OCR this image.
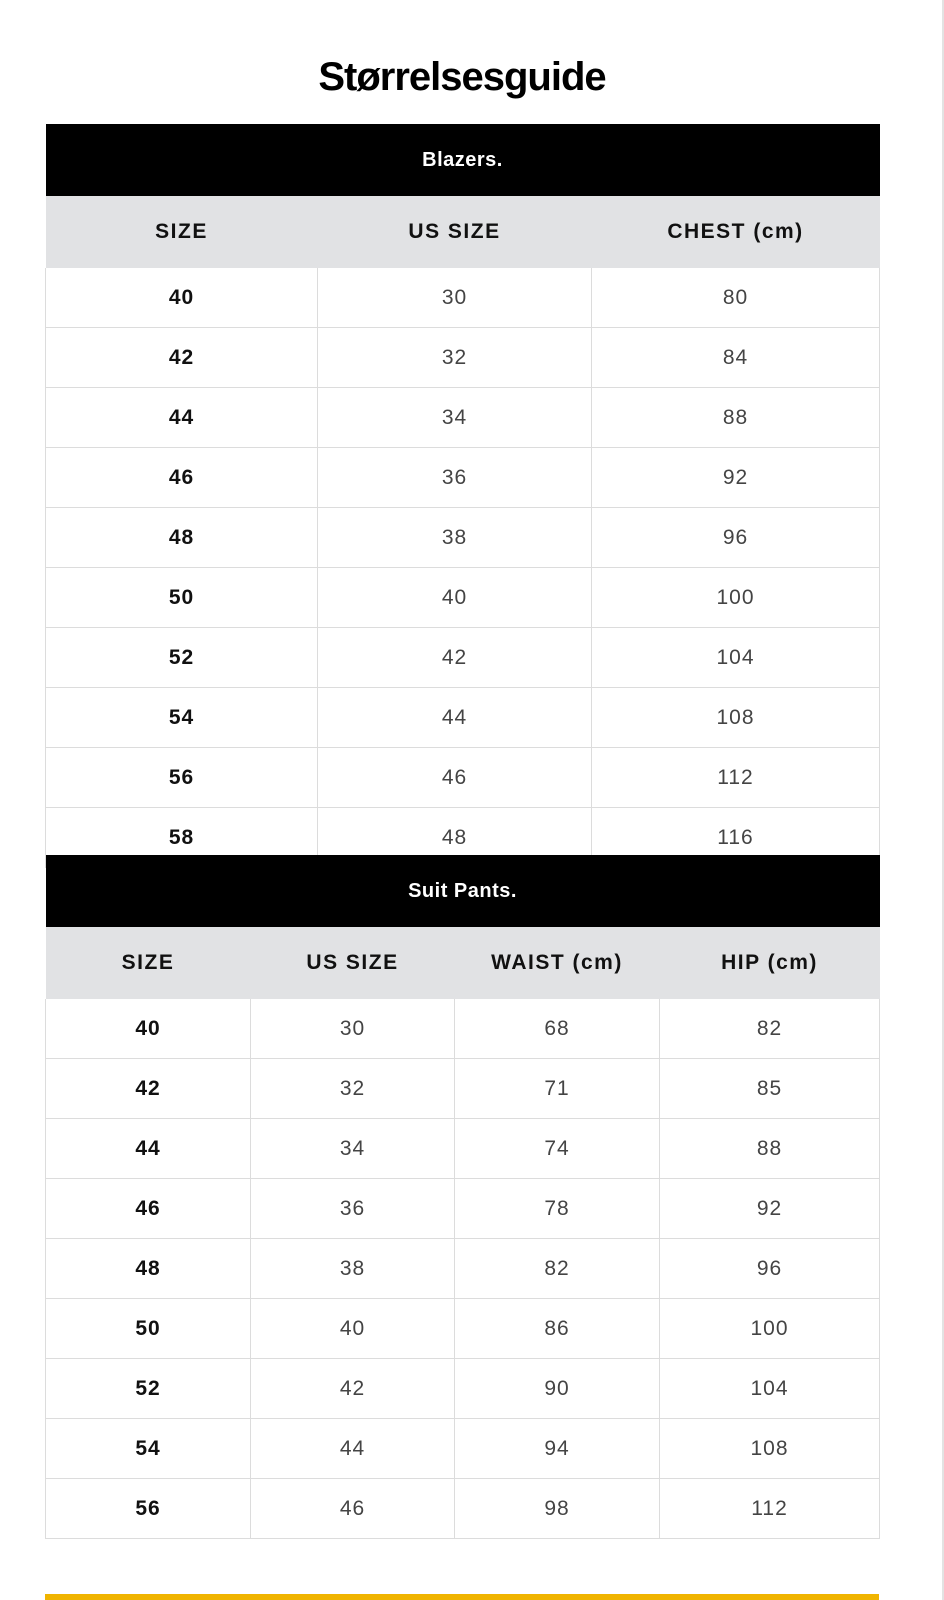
Størrelsesguide
Blazers.		
SIZE	US SIZE	CHEST (cm)
40	30	80
42	32	84
44	34	88
46	36	92
48	38	96
50	40	100
52	42	104
54	44	108
56	46	112
58	48	116
Suit Pants.			
SIZE	US SIZE	WAIST (cm)	HIP (cm)
40	30	68	82
42	32	71	85
44	34	74	88
46	36	78	92
48	38	82	96
50	40	86	100
52	42	90	104
54	44	94	108
56	46	98	112
